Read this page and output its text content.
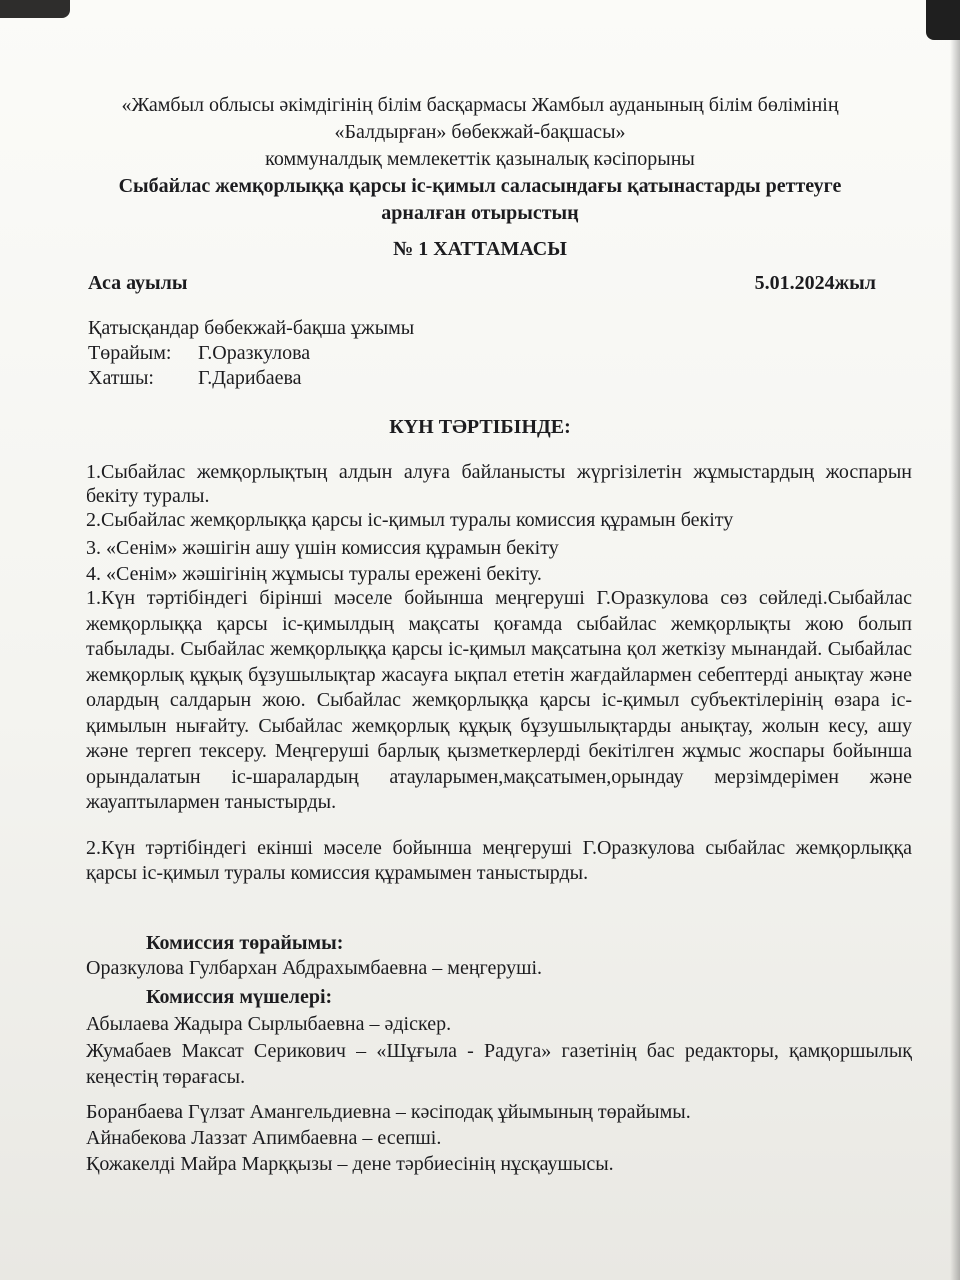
«Жамбыл облысы әкімдігінің білім басқармасы Жамбыл ауданының білім бөлімінің
«Балдырған» бөбекжай-бақшасы»
коммуналдық мемлекеттік қазыналық кәсіпорыны
Сыбайлас жемқорлыққа қарсы іс-қимыл саласындағы қатынастарды реттеуге
арналған отырыстың
№ 1 ХАТТАМАСЫ
Аса ауылы	5.01.2024жыл
Қатысқандар бөбекжай-бақша ұжымы
Төрайым: Г.Оразкулова
Хатшы: Г.Дарибаева
КҮН ТӘРТІБІНДЕ:
1.Сыбайлас жемқорлықтың алдын алуға байланысты жүргізілетін жұмыстардың жоспарын бекіту туралы.
2.Сыбайлас жемқорлыққа қарсы іс-қимыл туралы комиссия құрамын бекіту
3. «Сенім» жәшігін ашу үшін комиссия құрамын бекіту
4. «Сенім» жәшігінің жұмысы туралы ережені бекіту.
1.Күн тәртібіндегі бірінші мәселе бойынша меңгеруші Г.Оразкулова сөз сөйледі.Сыбайлас жемқорлыққа қарсы іс-қимылдың мақсаты қоғамда сыбайлас жемқорлықты жою болып табылады. Сыбайлас жемқорлыққа қарсы іс-қимыл мақсатына қол жеткізу мынандай. Сыбайлас жемқорлық құқық бұзушылықтар жасауға ықпал ететін жағдайлармен себептерді анықтау және олардың салдарын жою. Сыбайлас жемқорлыққа қарсы іс-қимыл субъектілерінің өзара іс-қимылын нығайту. Сыбайлас жемқорлық құқық бұзушылықтарды анықтау, жолын кесу, ашу және тергеп тексеру. Меңгеруші барлық қызметкерлерді бекітілген жұмыс жоспары бойынша орындалатын іс-шаралардың атауларымен,мақсатымен,орындау мерзімдерімен және жауаптылармен таныстырды.
2.Күн тәртібіндегі екінші мәселе бойынша меңгеруші Г.Оразкулова сыбайлас жемқорлыққа қарсы іс-қимыл туралы комиссия құрамымен таныстырды.
Комиссия төрайымы:
Оразкулова Гулбархан Абдрахымбаевна – меңгеруші.
Комиссия мүшелері:
Абылаева Жадыра Сырлыбаевна – әдіскер.
Жумабаев Максат Серикович – «Шұғыла - Радуга» газетінің бас редакторы, қамқоршылық кеңестің төрағасы.
Боранбаева Гүлзат Амангельдиевна – кәсіподақ ұйымының төрайымы.
Айнабекова Лаззат Апимбаевна – есепші.
Қожакелді Майра Марққызы – дене тәрбиесінің нұсқаушысы.
